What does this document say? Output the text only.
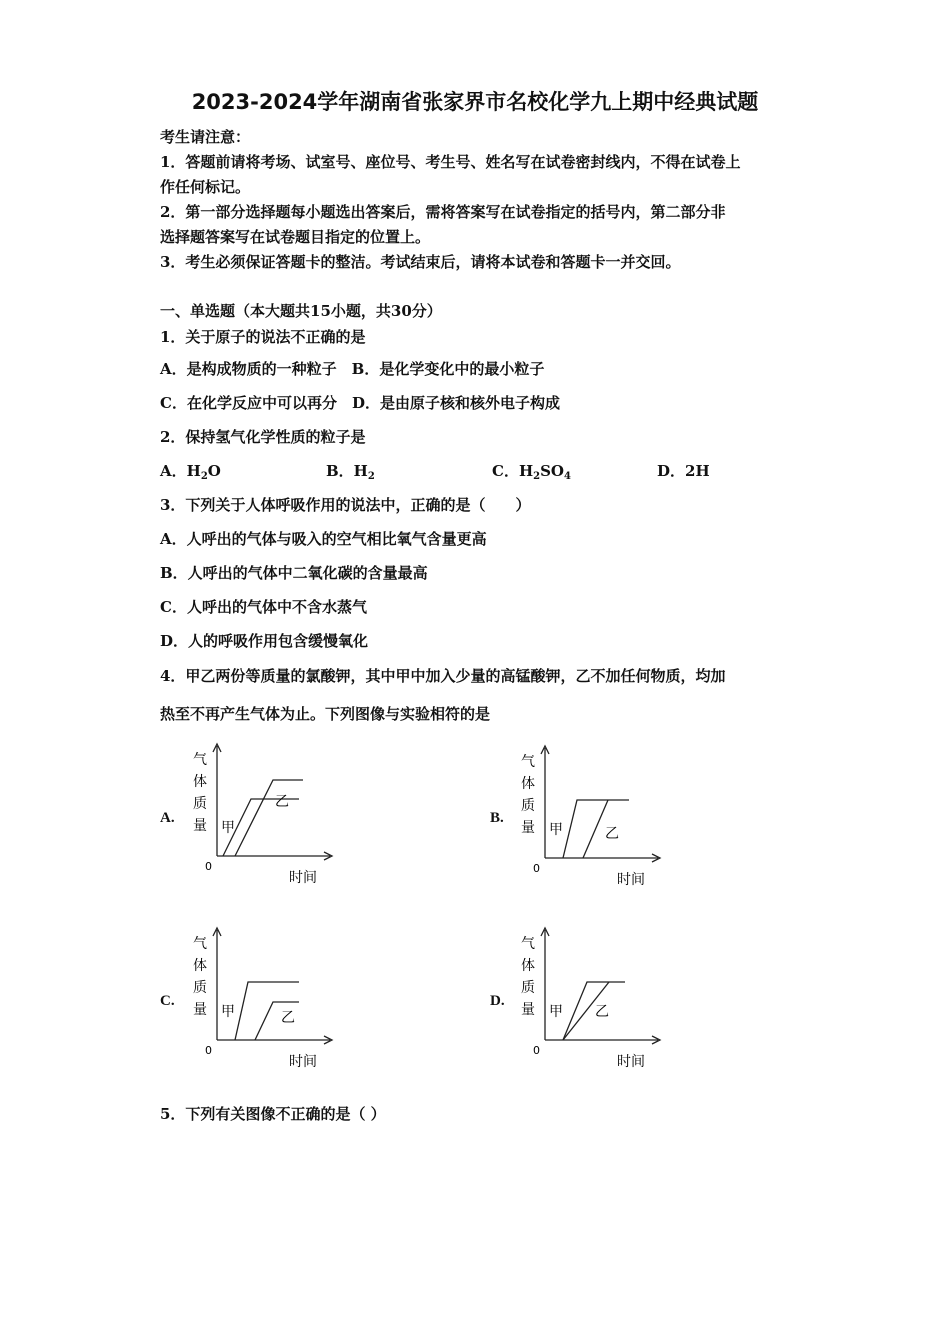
2023-2024学年湖南省张家界市名校化学九上期中经典试题
考生请注意：
1．答题前请将考场、试室号、座位号、考生号、姓名写在试卷密封线内，不得在试卷上
作任何标记。
2．第一部分选择题每小题选出答案后，需将答案写在试卷指定的括号内，第二部分非
选择题答案写在试卷题目指定的位置上。
3．考生必须保证答题卡的整洁。考试结束后，请将本试卷和答题卡一并交回。
一、单选题（本大题共15小题，共30分）
1．关于原子的说法不正确的是
A．是构成物质的一种粒子　B．是化学变化中的最小粒子
C．在化学反应中可以再分　D．是由原子核和核外电子构成
2．保持氢气化学性质的粒子是
A．$H_2O$	B．$H_2$	C．$H_2SO_4$	D．2H
3．下列关于人体呼吸作用的说法中，正确的是（　　）
A．人呼出的气体与吸入的空气相比氧气含量更高
B．人呼出的气体中二氧化碳的含量最高
C．人呼出的气体中不含水蒸气
D．人的呼吸作用包含缓慢氧化
4．甲乙两份等质量的氯酸钾，其中甲中加入少量的高锰酸钾，乙不加任何物质，均加
热至不再产生气体为止。下列图像与实验相符的是
A.	B.
C.	D.
气
体
质
量 甲
乙
0
时间
气
体
质
量 甲	乙
0
时间
气
体
质
量 甲	乙
0
时间
气
体
质
量 甲 乙
0
时间
5．下列有关图像不正确的是（ ）
